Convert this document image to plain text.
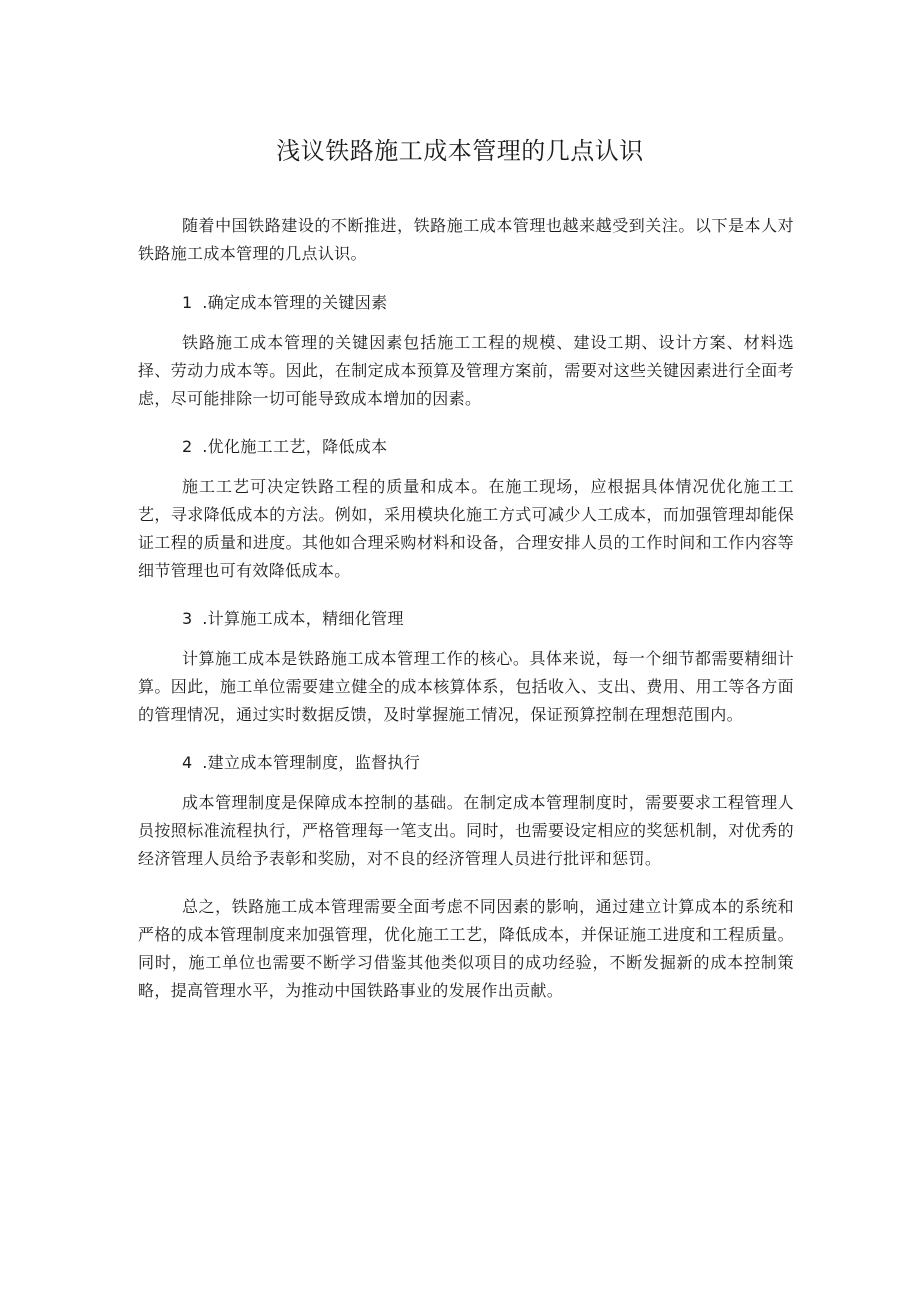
浅议铁路施工成本管理的几点认识

随着中国铁路建设的不断推进，铁路施工成本管理也越来越受到关注。以下是本人对铁路施工成本管理的几点认识。

1 .确定成本管理的关键因素

铁路施工成本管理的关键因素包括施工工程的规模、建设工期、设计方案、材料选择、劳动力成本等。因此，在制定成本预算及管理方案前，需要对这些关键因素进行全面考虑，尽可能排除一切可能导致成本增加的因素。

2 .优化施工工艺，降低成本

施工工艺可决定铁路工程的质量和成本。在施工现场，应根据具体情况优化施工工艺，寻求降低成本的方法。例如，采用模块化施工方式可减少人工成本，而加强管理却能保证工程的质量和进度。其他如合理采购材料和设备，合理安排人员的工作时间和工作内容等细节管理也可有效降低成本。

3 .计算施工成本，精细化管理

计算施工成本是铁路施工成本管理工作的核心。具体来说，每一个细节都需要精细计算。因此，施工单位需要建立健全的成本核算体系，包括收入、支出、费用、用工等各方面的管理情况，通过实时数据反馈，及时掌握施工情况，保证预算控制在理想范围内。

4 .建立成本管理制度，监督执行

成本管理制度是保障成本控制的基础。在制定成本管理制度时，需要要求工程管理人员按照标准流程执行，严格管理每一笔支出。同时，也需要设定相应的奖惩机制，对优秀的经济管理人员给予表彰和奖励，对不良的经济管理人员进行批评和惩罚。

总之，铁路施工成本管理需要全面考虑不同因素的影响，通过建立计算成本的系统和严格的成本管理制度来加强管理，优化施工工艺，降低成本，并保证施工进度和工程质量。同时，施工单位也需要不断学习借鉴其他类似项目的成功经验，不断发掘新的成本控制策略，提高管理水平，为推动中国铁路事业的发展作出贡献。
